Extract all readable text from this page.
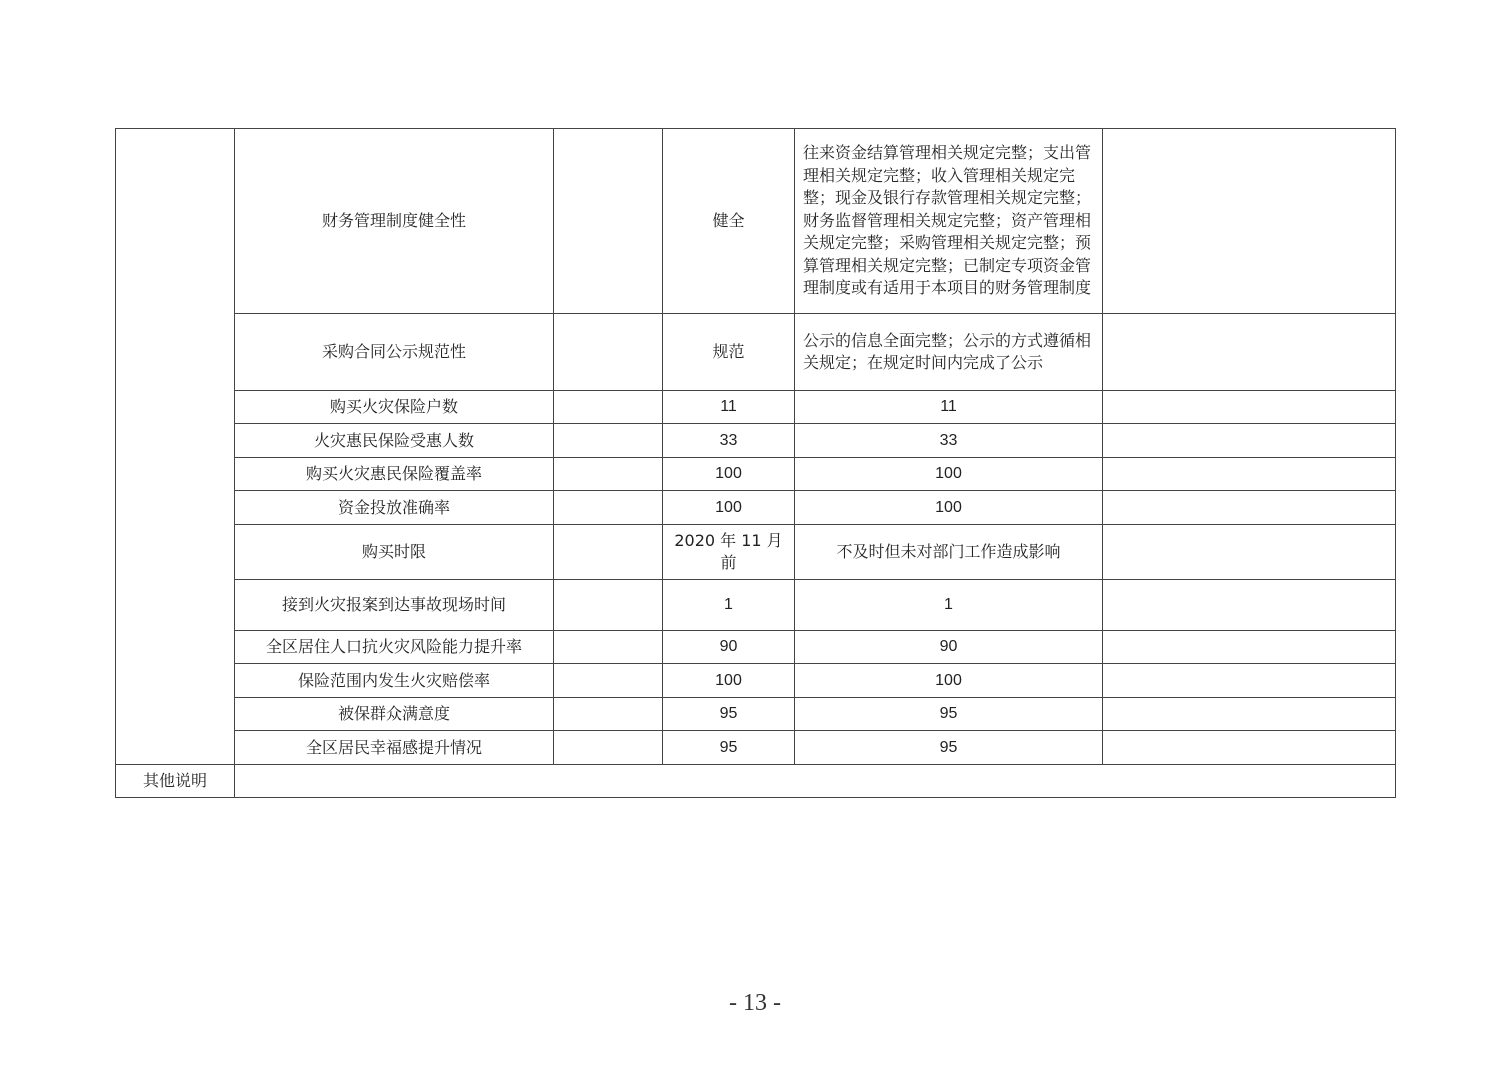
	财务管理制度健全性		健全	往来资金结算管理相关规定完整；支出管理相关规定完整；收入管理相关规定完整；现金及银行存款管理相关规定完整；财务监督管理相关规定完整；资产管理相关规定完整；采购管理相关规定完整；预算管理相关规定完整；已制定专项资金管理制度或有适用于本项目的财务管理制度	
	采购合同公示规范性		规范	公示的信息全面完整；公示的方式遵循相关规定；在规定时间内完成了公示	
	购买火灾保险户数		11	11	
	火灾惠民保险受惠人数		33	33	
	购买火灾惠民保险覆盖率		100	100	
	资金投放准确率		100	100	
	购买时限		2020 年 11 月前	不及时但未对部门工作造成影响	
	接到火灾报案到达事故现场时间		1	1	
	全区居住人口抗火灾风险能力提升率		90	90	
	保险范围内发生火灾赔偿率		100	100	
	被保群众满意度		95	95	
	全区居民幸福感提升情况		95	95	
其他说明					
- 13 -
